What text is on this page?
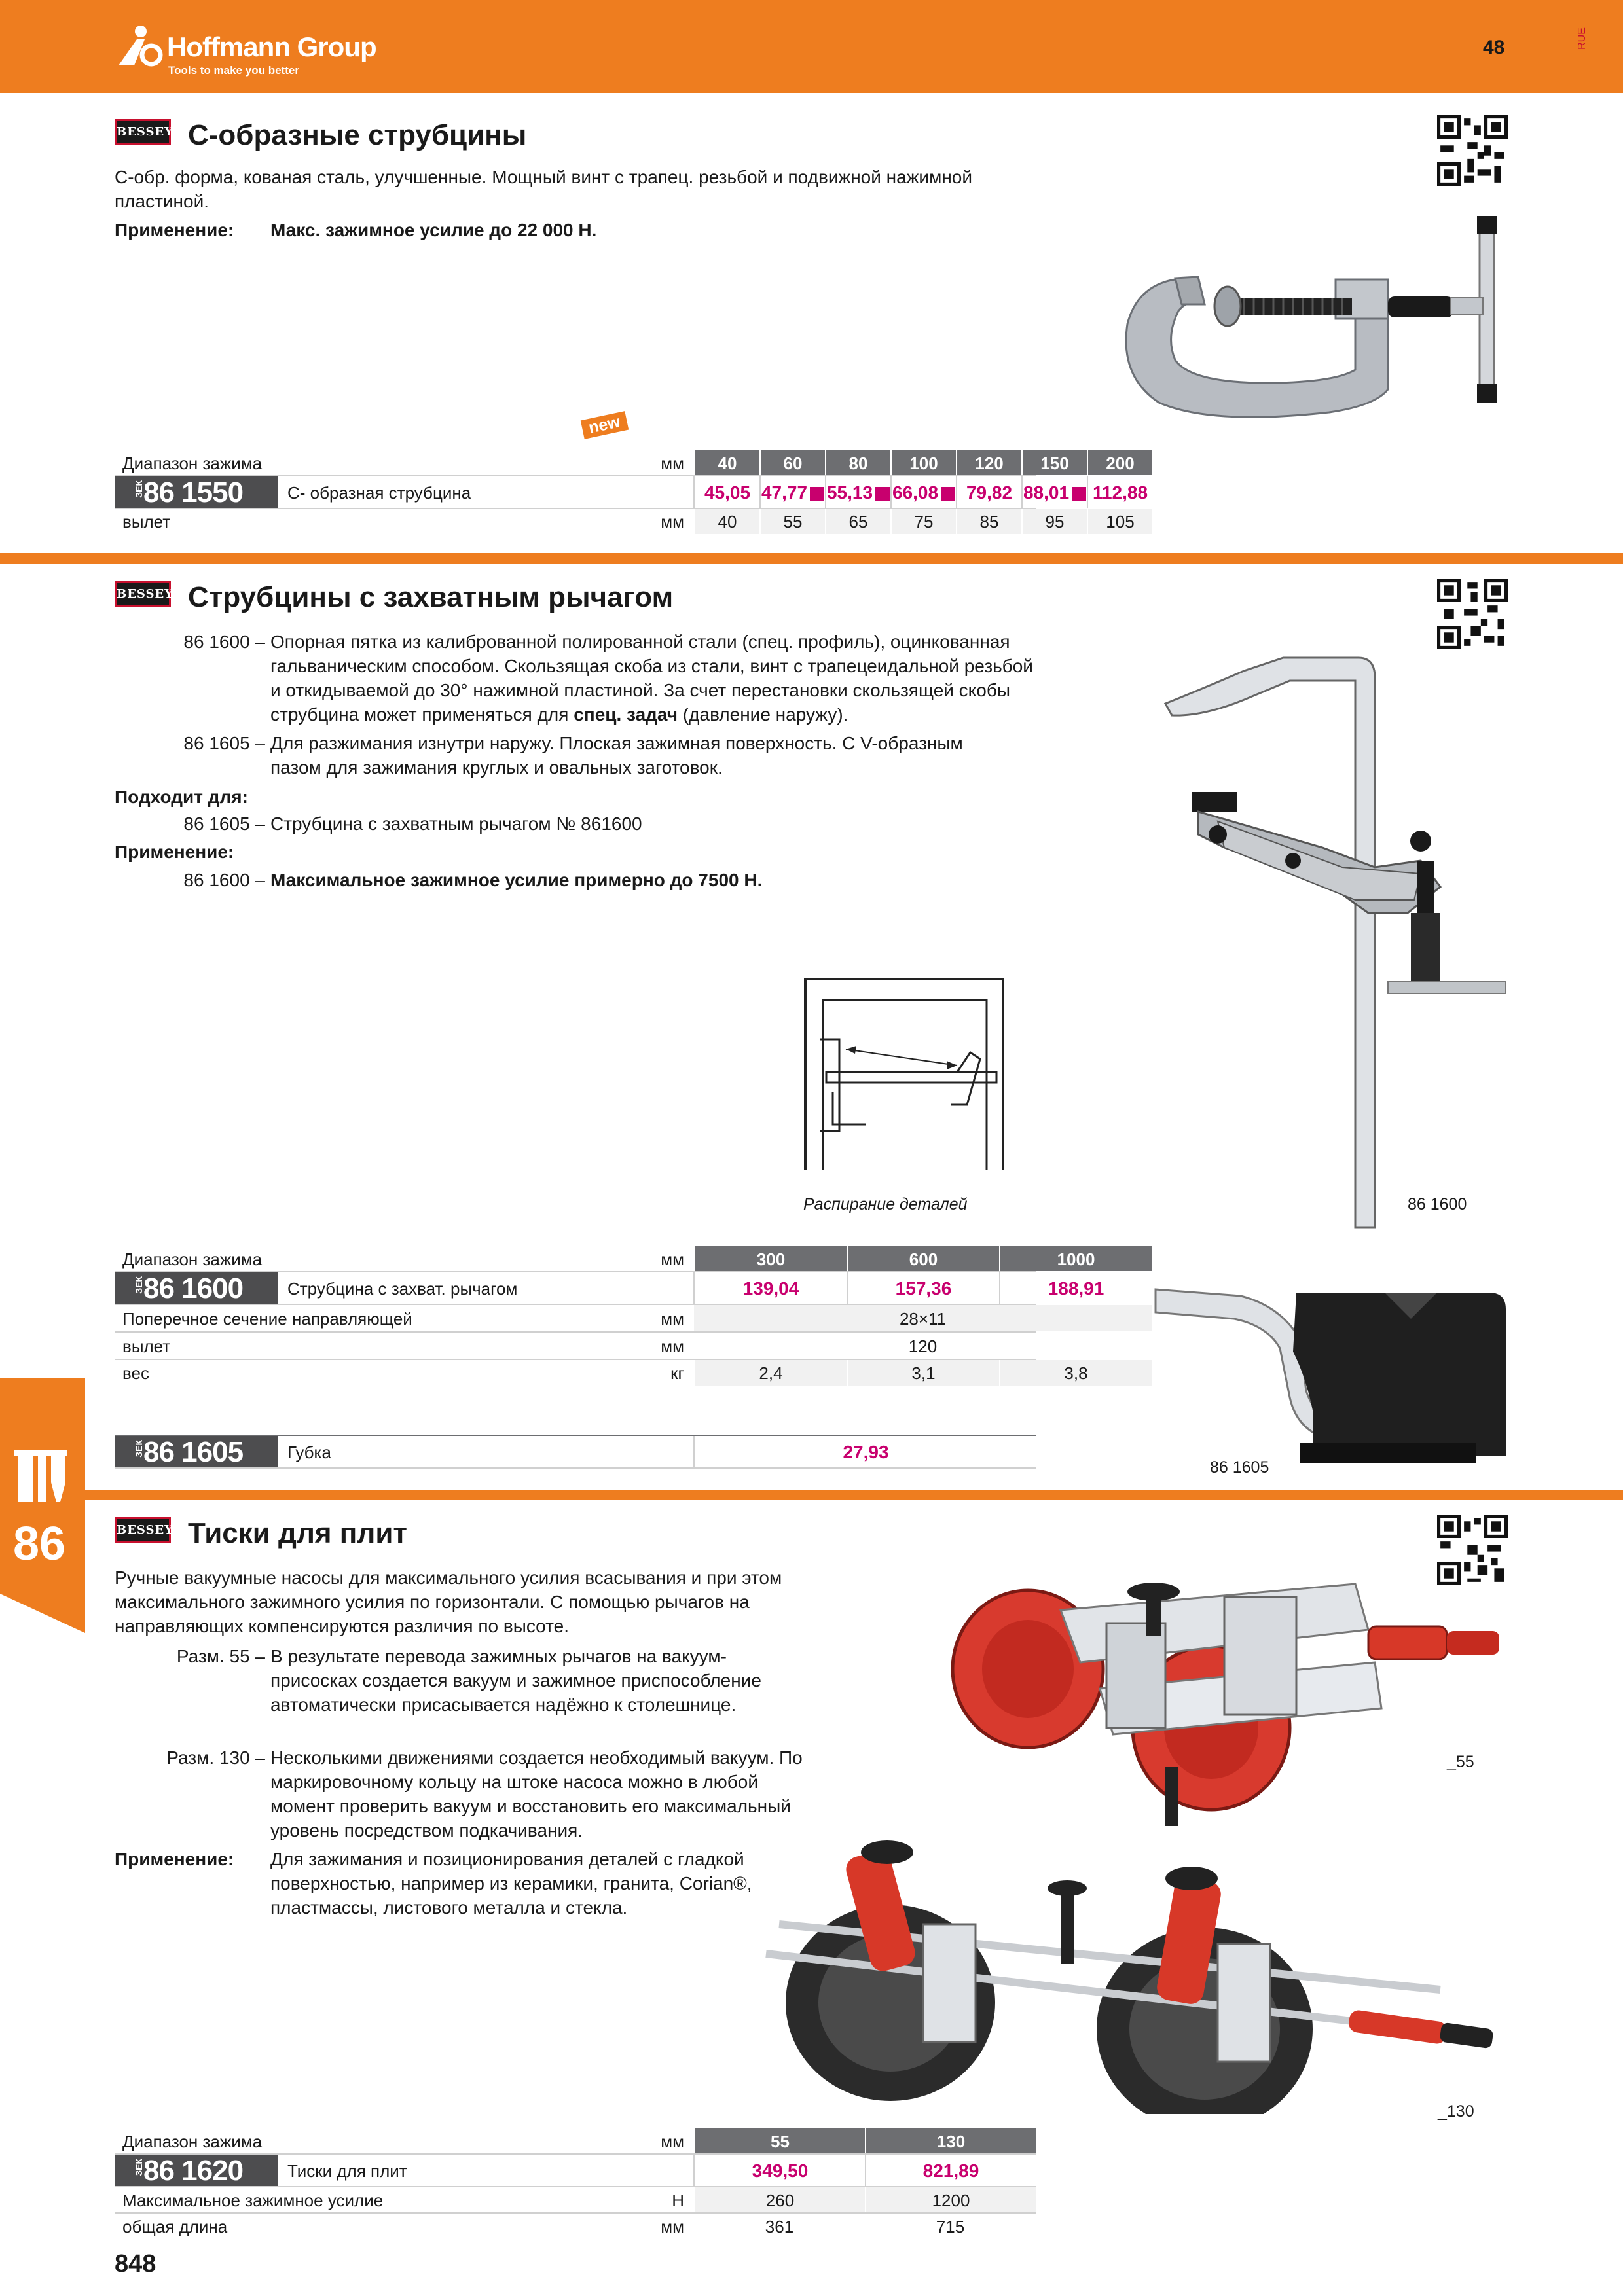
Hoffmann Group
Tools to make you better
48	RUE
BESSEY С-образные струбцины
С-обр. форма, кованая сталь, улучшенные. Мощный винт с трапец. резьбой и подвижной нажимной пластиной.
Применение: Макс. зажимное усилие до 22 000 Н.
new
Диапазон зажима	мм	40	60	80	100	120	150	200
ЗЕК 86 1550	С- образная струбцина	45,05 47,77	55,13	66,08	79,82 88,01	112,88
вылет	мм	40	55	65	75	85	95	105
BESSEY Струбцины с захватным рычагом
86 1600 – Опорная пятка из калиброванной полированной стали (спец. профиль), оцинкованная гальваническим способом. Скользящая скоба из стали, винт с трапецеидальной резьбой и откидываемой до 30° нажимной пластиной. За счет перестановки скользящей скобы струбцина может применяться для спец. задач (давление наружу).
86 1605 – Для разжимания изнутри наружу. Плоская зажимная поверхность. С V-образным пазом для зажимания круглых и овальных заготовок.
Подходит для:
86 1605 – Струбцина с захватным рычагом № 861600
Применение:
86 1600 – Максимальное зажимное усилие примерно до 7500 Н.
Распирание деталей	86 1600
Диапазон зажима	мм	300	600	1000
ЗЕК 86 1600	Струбцина с захват. рычагом	139,04	157,36	188,91
Поперечное сечение направляющей	мм	28×11
вылет	мм	120
вес	кг	2,4	3,1	3,8
ЗЕК 86 1605	Губка	27,93
86 1605
86	BESSEY Тиски для плит
Ручные вакуумные насосы для максимального усилия всасывания и при этом максимального зажимного усилия по горизонтали. С помощью рычагов на направляющих компенсируются различия по высоте.
Разм. 55 – В результате перевода зажимных рычагов на вакуум-присосках создается вакуум и зажимное приспособление автоматически присасывается надёжно к столешнице.
Разм. 130 – Несколькими движениями создается необходимый вакуум. По маркировочному кольцу на штоке насоса можно в любой момент проверить вакуум и восстановить его максимальный уровень посредством подкачивания.
Применение: Для зажимания и позиционирования деталей с гладкой поверхностью, например из керамики, гранита, Corian®, пластмассы, листового металла и стекла.
_55
_130
Диапазон зажима	мм	55	130
ЗЕК 86 1620	Тиски для плит	349,50	821,89
Максимальное зажимное усилие	Н	260	1200
общая длина	мм	361	715
848
